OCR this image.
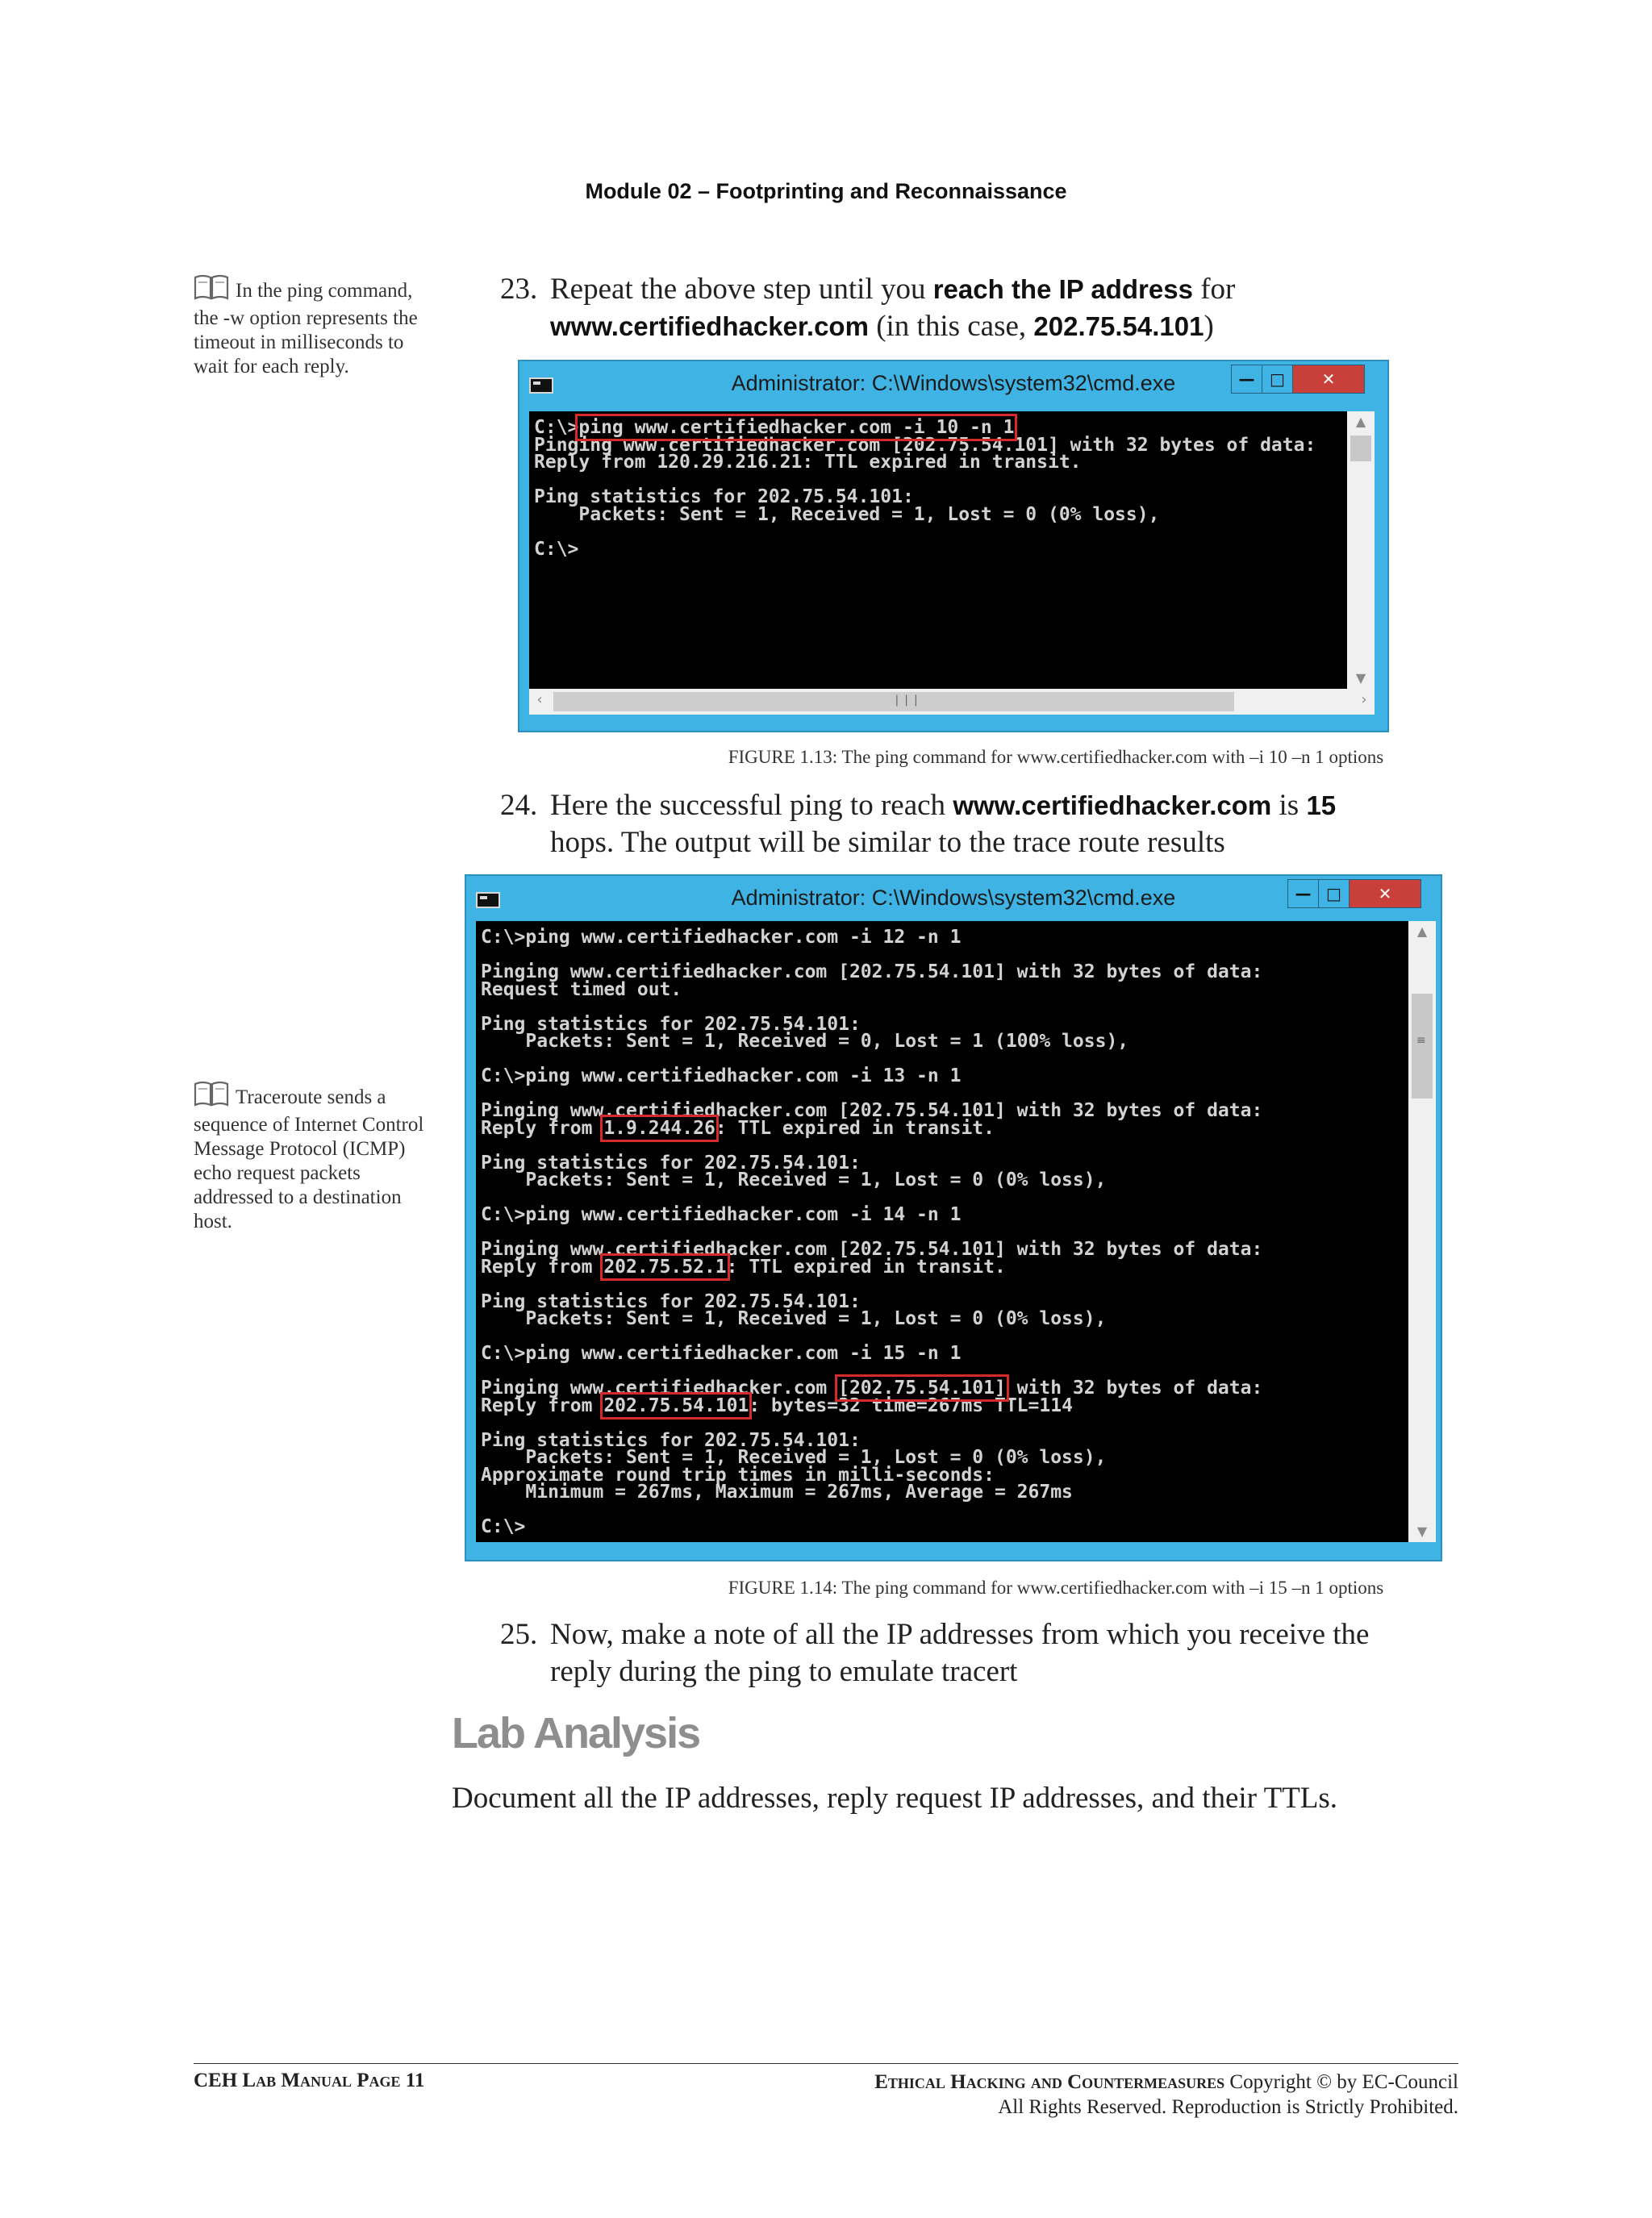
Module 02 – Footprinting and Reconnaissance
In the ping command, the -w option represents the timeout in milliseconds to wait for each reply.
23. Repeat the above step until you reach the IP address for
www.certifiedhacker.com (in this case, 202.75.54.101)
Administrator: C:\Windows\system32\cmd.exe	— □	✕
C:\>ping www.certifiedhacker.com -i 10 -n 1
Pinging www.certifiedhacker.com [202.75.54.101] with 32 bytes of data:
Reply from 120.29.216.21: TTL expired in transit.

Ping statistics for 202.75.54.101:
Packets: Sent = 1, Received = 1, Lost = 0 (0% loss),

C:\>
▲
▼
‹	❘❘❘	›
FIGURE 1.13: The ping command for www.certifiedhacker.com with –i 10 –n 1 options
24. Here the successful ping to reach www.certifiedhacker.com is 15
hops. The output will be similar to the trace route results
Traceroute sends a sequence of Internet Control Message Protocol (ICMP) echo request packets addressed to a destination host.
Administrator: C:\Windows\system32\cmd.exe	— □	✕
C:\>ping www.certifiedhacker.com -i 12 -n 1

Pinging www.certifiedhacker.com [202.75.54.101] with 32 bytes of data:
Request timed out.

Ping statistics for 202.75.54.101:
Packets: Sent = 1, Received = 0, Lost = 1 (100% loss),

C:\>ping www.certifiedhacker.com -i 13 -n 1

Pinging www.certifiedhacker.com [202.75.54.101] with 32 bytes of data:
Reply from 1.9.244.26: TTL expired in transit.

Ping statistics for 202.75.54.101:
Packets: Sent = 1, Received = 1, Lost = 0 (0% loss),

C:\>ping www.certifiedhacker.com -i 14 -n 1

Pinging www.certifiedhacker.com [202.75.54.101] with 32 bytes of data:
Reply from 202.75.52.1: TTL expired in transit.

Ping statistics for 202.75.54.101:
Packets: Sent = 1, Received = 1, Lost = 0 (0% loss),

C:\>ping www.certifiedhacker.com -i 15 -n 1

Pinging www.certifiedhacker.com [202.75.54.101] with 32 bytes of data:
Reply from 202.75.54.101: bytes=32 time=267ms TTL=114

Ping statistics for 202.75.54.101:
Packets: Sent = 1, Received = 1, Lost = 0 (0% loss),
Approximate round trip times in milli-seconds:
Minimum = 267ms, Maximum = 267ms, Average = 267ms

C:\>
▲
≡
▼
FIGURE 1.14: The ping command for www.certifiedhacker.com with –i 15 –n 1 options
25. Now, make a note of all the IP addresses from which you receive the reply during the ping to emulate tracert
Lab Analysis
Document all the IP addresses, reply request IP addresses, and their TTLs.
CEH Lab Manual Page 11	Ethical Hacking and Countermeasures Copyright © by EC-Council
All Rights Reserved. Reproduction is Strictly Prohibited.
